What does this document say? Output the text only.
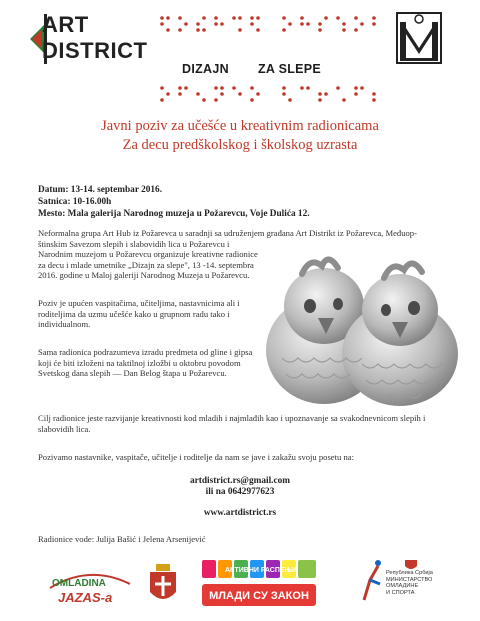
ART
DISTRICT
DIZAJN ZA SLEPE
Javni poziv za učešće u kreativnim radionicama
Za decu predškolskog i školskog uzrasta
Datum: 13-14. septembar 2016.
Satnica: 10-16.00h
Mesto: Mala galerija Narodnog muzeja u Požarevcu, Voje Dulića 12.
Neformalna grupa Art Hub iz Požarevca u saradnji sa udruženjem građana Art Distrikt iz Požarevca, Međuop-
štinskim Savezom slepih i slabovidih lica u Požarevcu i Narodnim muzejom u Požarevcu organizuje kreativne radionice za decu i mlade umetnike „Dizajn za slepe", 13 -14. septembra 2016. godine u Maloj galeriji Narodnog Muzeja u Požarevcu.
Poziv je upućen vaspitačima, učiteljima, nastavnicima ali i roditeljima da uzmu učešće kako u grupnom radu tako i individualnom.
Sama radionica podrazumeva izradu predmeta od gline i gipsa koji će biti izloženi na taktilnoj izložbi u oktobru povodom Svetskog dana slepih — Dan Belog štapa u Požarevcu.
Cilj radionice jeste razvijanje kreativnosti kod mladih i najmlađih kao i upoznavanje sa svakodnevnicom slepih i slabovidih lica.
Pozivamo nastavnike, vaspitače, učitelje i roditelje da nam se jave i zakažu svoju posetu na:
artdistrict.rs@gmail.com
ili na 0642977623
www.artdistrict.rs
Radionice vode: Julija Bašić i Jelena Arsenijević
OMLADINA
JAZAS-a
АКТИВНИ РАСПЕЊИ
МЛАДИ СУ ЗАКОН
Република Србија
МИНИСТАРСТВО
ОМЛАДИНЕ
И СПОРТА
